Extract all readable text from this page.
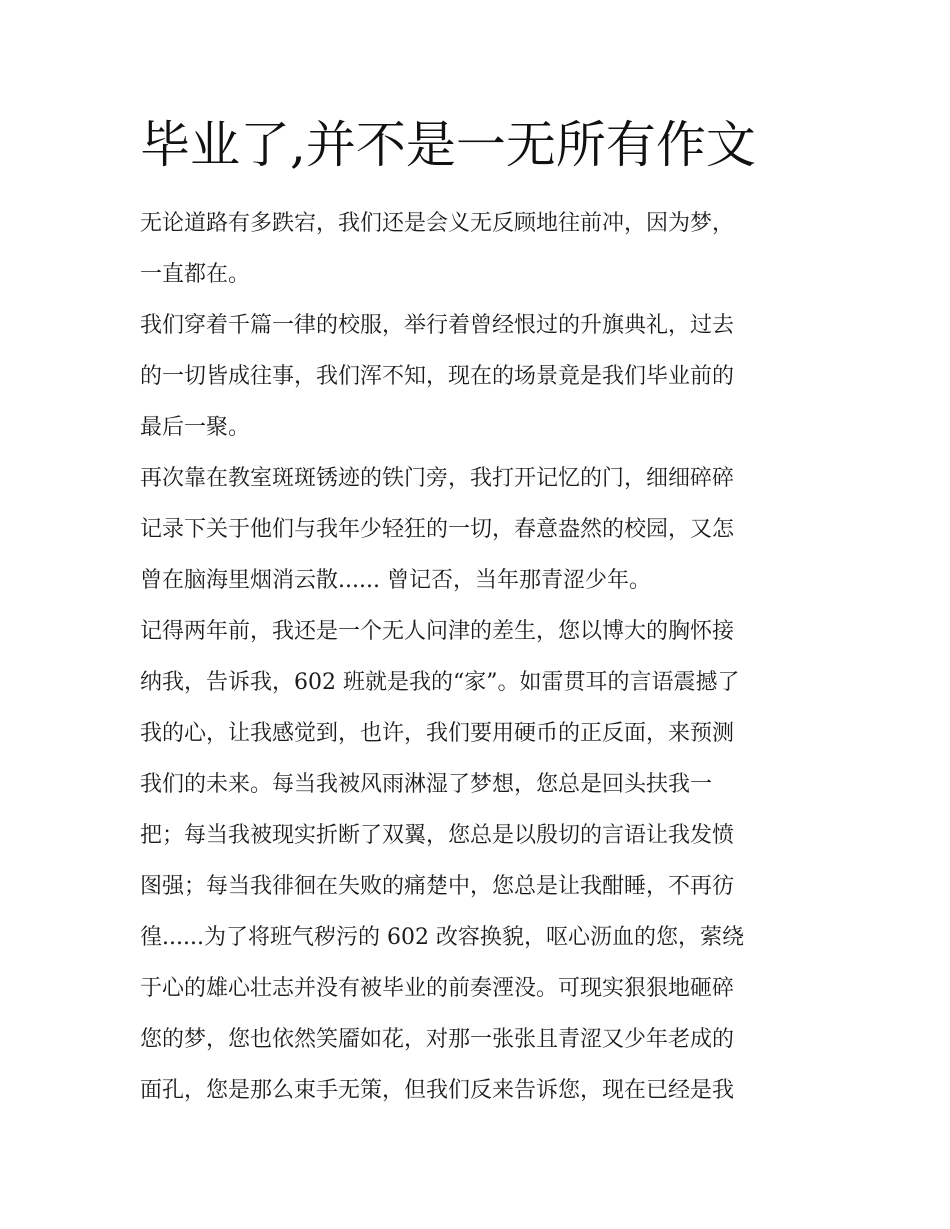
毕业了,并不是一无所有作文

无论道路有多跌宕，我们还是会义无反顾地往前冲，因为梦，
一直都在。

我们穿着千篇一律的校服，举行着曾经恨过的升旗典礼，过去
的一切皆成往事，我们浑不知，现在的场景竟是我们毕业前的
最后一聚。

再次靠在教室斑斑锈迹的铁门旁，我打开记忆的门，细细碎碎
记录下关于他们与我年少轻狂的一切，春意盎然的校园，又怎
曾在脑海里烟消云散...... 曾记否，当年那青涩少年。

记得两年前，我还是一个无人问津的差生，您以博大的胸怀接
纳我，告诉我，602 班就是我的“家”。如雷贯耳的言语震撼了
我的心，让我感觉到，也许，我们要用硬币的正反面，来预测
我们的未来。每当我被风雨淋湿了梦想，您总是回头扶我一
把；每当我被现实折断了双翼，您总是以殷切的言语让我发愤
图强；每当我徘徊在失败的痛楚中，您总是让我酣睡，不再彷
徨......为了将班气秽污的 602 改容换貌，呕心沥血的您，萦绕
于心的雄心壮志并没有被毕业的前奏湮没。可现实狠狠地砸碎
您的梦，您也依然笑靥如花，对那一张张且青涩又少年老成的
面孔，您是那么束手无策，但我们反来告诉您，现在已经是我
